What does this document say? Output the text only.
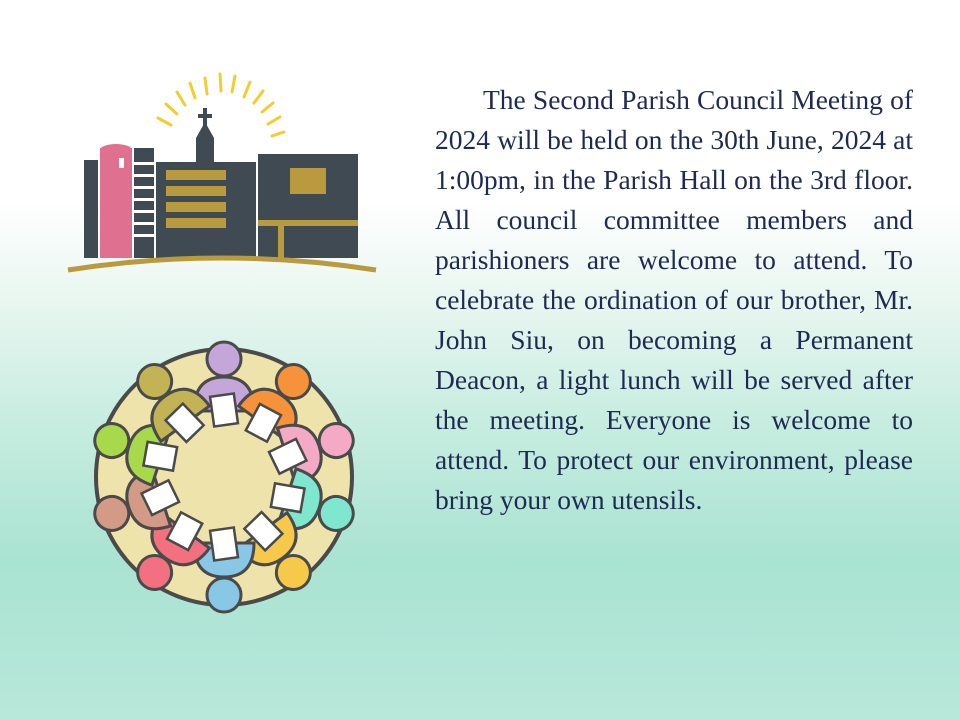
The Second Parish Council Meeting of 2024 will be held on the 30th June, 2024 at 1:00pm, in the Parish Hall on the 3rd floor. All council committee members and parishioners are welcome to attend. To celebrate the ordination of our brother, Mr. John Siu, on becoming a Permanent Deacon, a light lunch will be served after the meeting. Everyone is welcome to attend. To protect our environment, please bring your own utensils.
